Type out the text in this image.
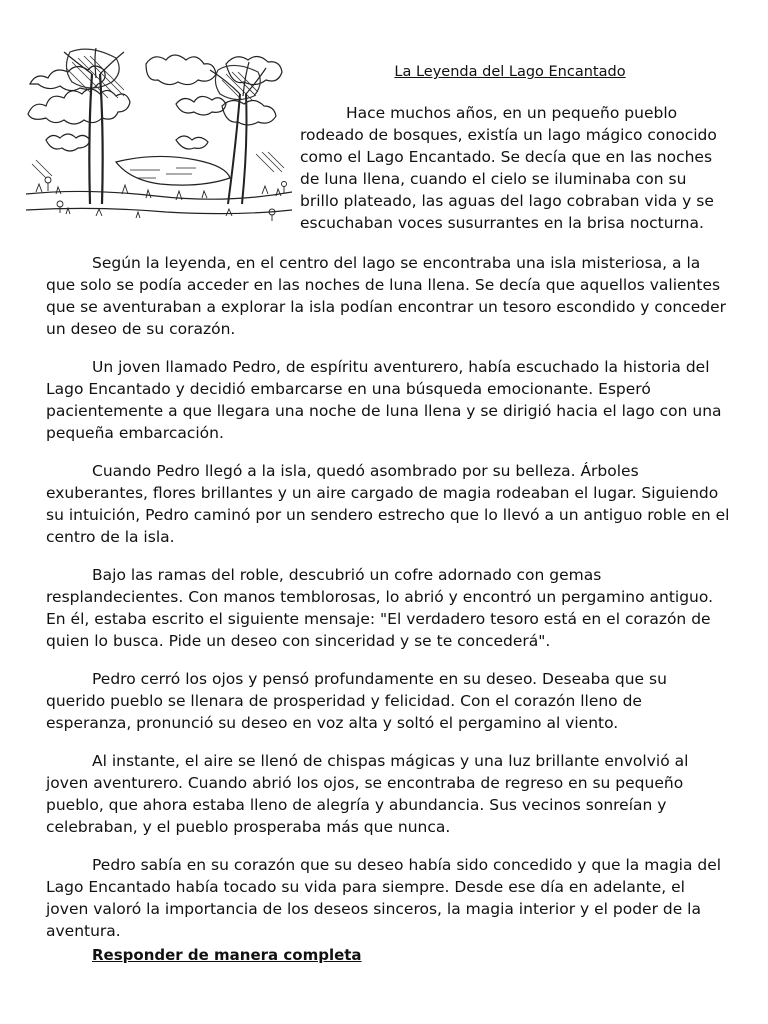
La Leyenda del Lago Encantado

Hace muchos años, en un pequeño pueblo rodeado de bosques, existía un lago mágico conocido como el Lago Encantado. Se decía que en las noches de luna llena, cuando el cielo se iluminaba con su brillo plateado, las aguas del lago cobraban vida y se escuchaban voces susurrantes en la brisa nocturna.

Según la leyenda, en el centro del lago se encontraba una isla misteriosa, a la que solo se podía acceder en las noches de luna llena. Se decía que aquellos valientes que se aventuraban a explorar la isla podían encontrar un tesoro escondido y conceder un deseo de su corazón.

Un joven llamado Pedro, de espíritu aventurero, había escuchado la historia del Lago Encantado y decidió embarcarse en una búsqueda emocionante. Esperó pacientemente a que llegara una noche de luna llena y se dirigió hacia el lago con una pequeña embarcación.

Cuando Pedro llegó a la isla, quedó asombrado por su belleza. Árboles exuberantes, flores brillantes y un aire cargado de magia rodeaban el lugar. Siguiendo su intuición, Pedro caminó por un sendero estrecho que lo llevó a un antiguo roble en el centro de la isla.

Bajo las ramas del roble, descubrió un cofre adornado con gemas resplandecientes. Con manos temblorosas, lo abrió y encontró un pergamino antiguo. En él, estaba escrito el siguiente mensaje: "El verdadero tesoro está en el corazón de quien lo busca. Pide un deseo con sinceridad y se te concederá".

Pedro cerró los ojos y pensó profundamente en su deseo. Deseaba que su querido pueblo se llenara de prosperidad y felicidad. Con el corazón lleno de esperanza, pronunció su deseo en voz alta y soltó el pergamino al viento.

Al instante, el aire se llenó de chispas mágicas y una luz brillante envolvió al joven aventurero. Cuando abrió los ojos, se encontraba de regreso en su pequeño pueblo, que ahora estaba lleno de alegría y abundancia. Sus vecinos sonreían y celebraban, y el pueblo prosperaba más que nunca.

Pedro sabía en su corazón que su deseo había sido concedido y que la magia del Lago Encantado había tocado su vida para siempre. Desde ese día en adelante, el joven valoró la importancia de los deseos sinceros, la magia interior y el poder de la aventura.

Responder de manera completa
